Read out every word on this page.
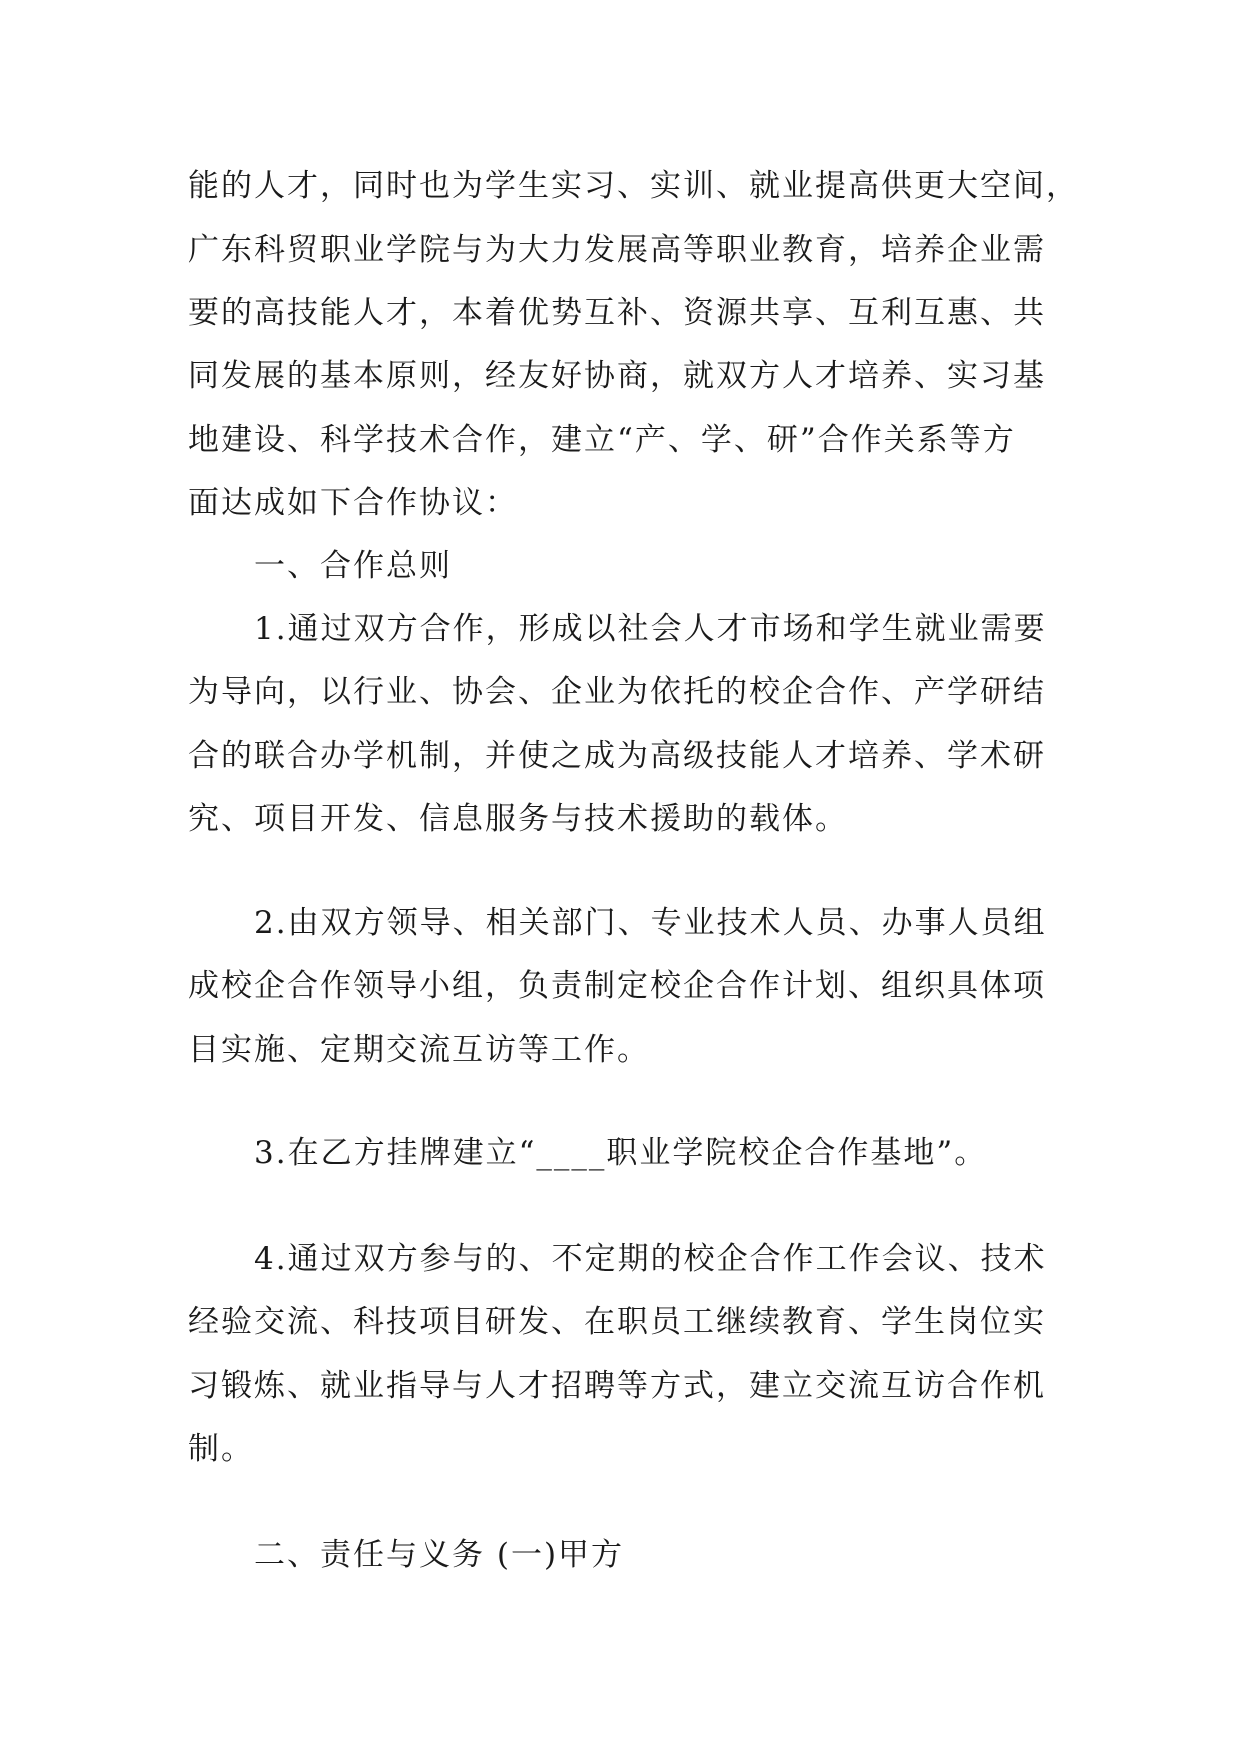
能的人才，同时也为学生实习、实训、就业提高供更大空间，
广东科贸职业学院与为大力发展高等职业教育，培养企业需
要的高技能人才，本着优势互补、资源共享、互利互惠、共
同发展的基本原则，经友好协商，就双方人才培养、实习基
地建设、科学技术合作，建立“产、学、研”合作关系等方
面达成如下合作协议：
一、合作总则
1.通过双方合作，形成以社会人才市场和学生就业需要
为导向，以行业、协会、企业为依托的校企合作、产学研结
合的联合办学机制，并使之成为高级技能人才培养、学术研
究、项目开发、信息服务与技术援助的载体。
2.由双方领导、相关部门、专业技术人员、办事人员组
成校企合作领导小组，负责制定校企合作计划、组织具体项
目实施、定期交流互访等工作。
3.在乙方挂牌建立“____职业学院校企合作基地”。
4.通过双方参与的、不定期的校企合作工作会议、技术
经验交流、科技项目研发、在职员工继续教育、学生岗位实
习锻炼、就业指导与人才招聘等方式，建立交流互访合作机
制。
二、责任与义务 (一)甲方
